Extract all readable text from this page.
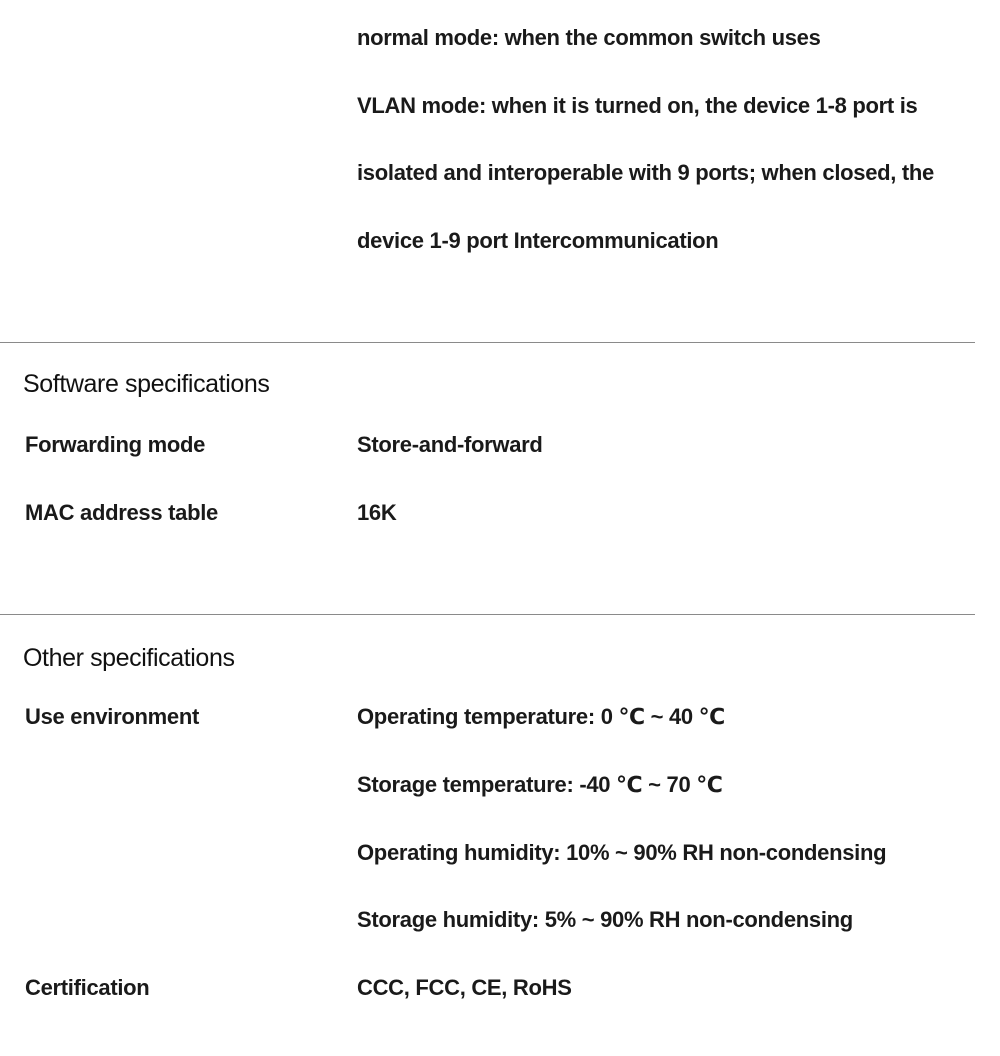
normal mode: when the common switch uses
VLAN mode: when it is turned on, the device 1-8 port is
isolated and interoperable with 9 ports; when closed, the
device 1-9 port Intercommunication
Software specifications
Forwarding mode	Store-and-forward
MAC address table	16K
Other specifications
Use environment	Operating temperature: 0 ℃ ~ 40 ℃
Storage temperature: -40 ℃ ~ 70 ℃
Operating humidity: 10% ~ 90% RH non-condensing
Storage humidity: 5% ~ 90% RH non-condensing
Certification	CCC, FCC, CE, RoHS
